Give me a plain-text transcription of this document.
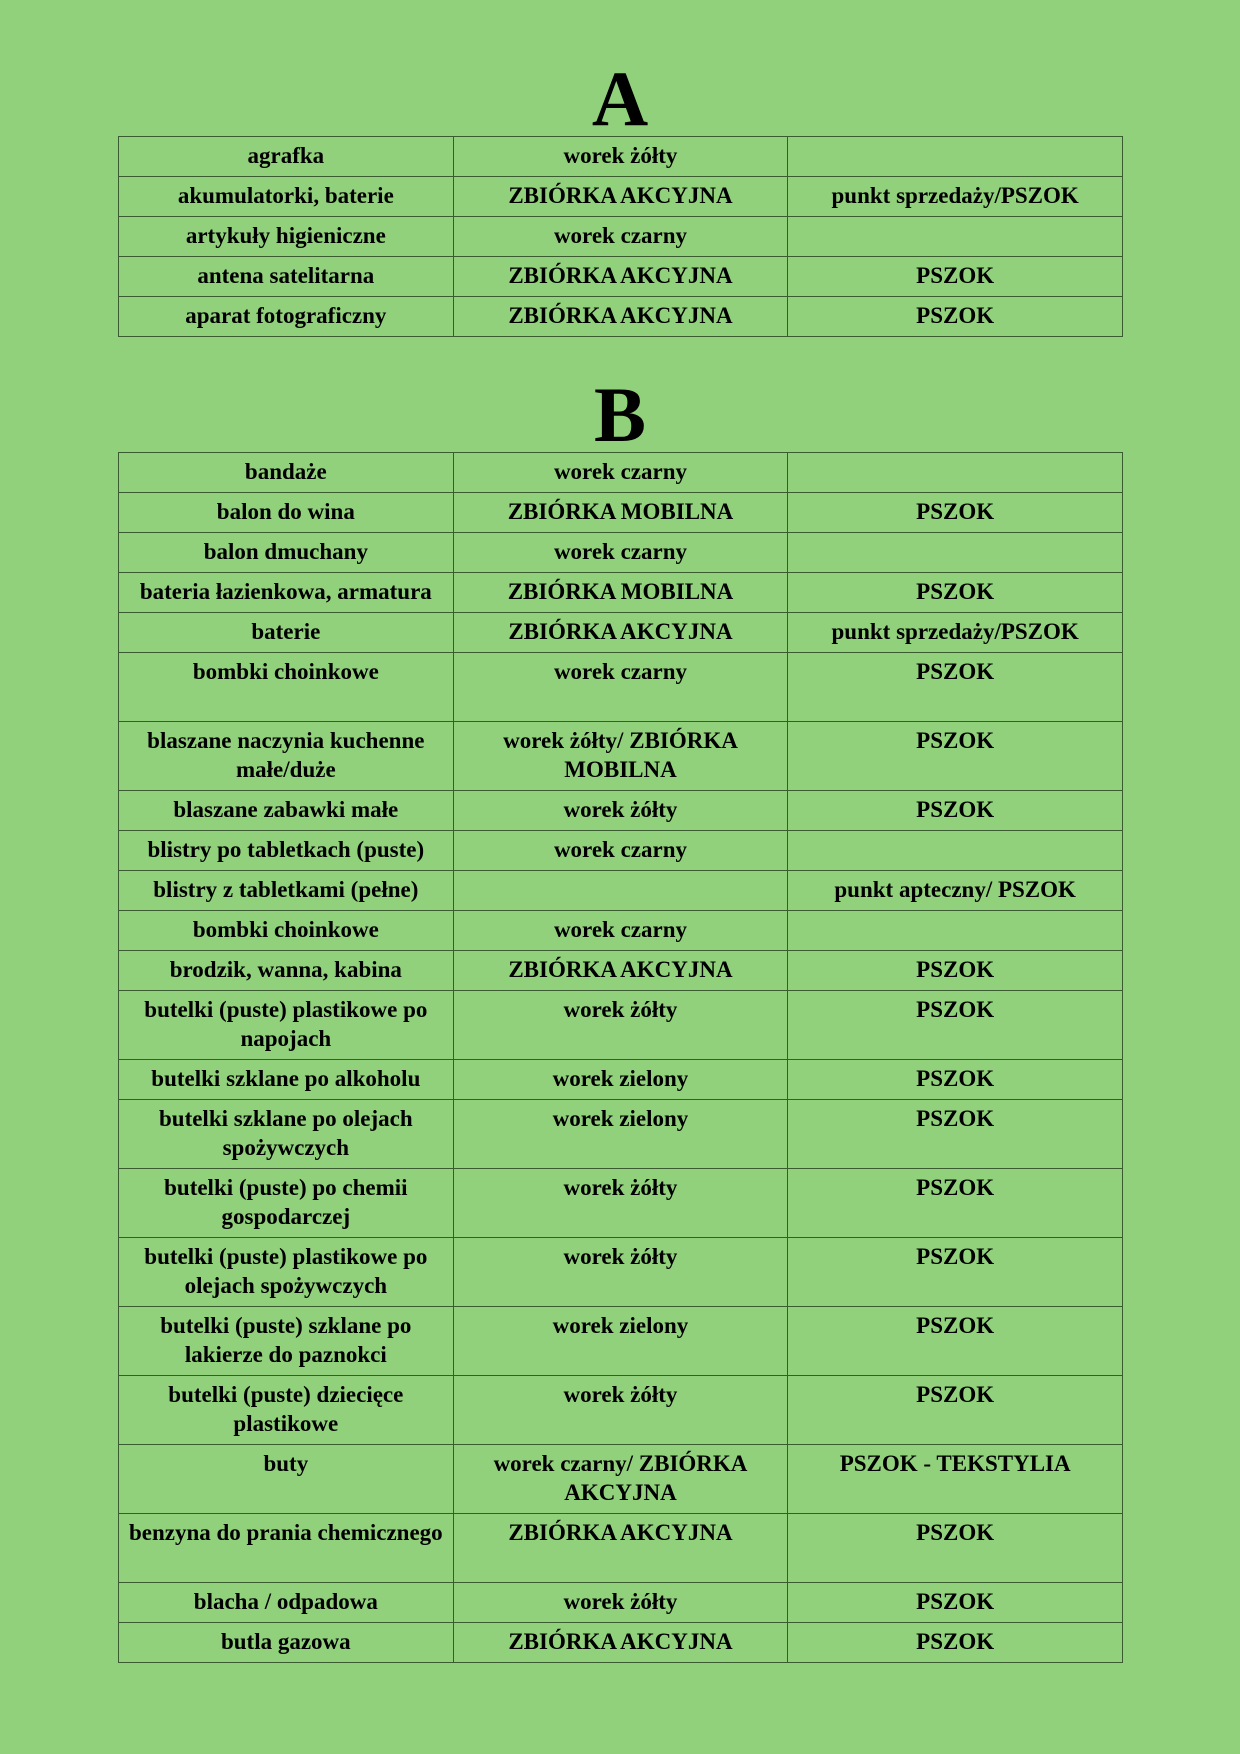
A
agrafka	worek żółty	
akumulatorki, baterie	ZBIÓRKA AKCYJNA	punkt sprzedaży/PSZOK
artykuły higieniczne	worek czarny	
antena satelitarna	ZBIÓRKA AKCYJNA	PSZOK
aparat fotograficzny	ZBIÓRKA AKCYJNA	PSZOK
B
bandaże	worek czarny	
balon do wina	ZBIÓRKA MOBILNA	PSZOK
balon dmuchany	worek czarny	
bateria łazienkowa, armatura	ZBIÓRKA MOBILNA	PSZOK
baterie	ZBIÓRKA AKCYJNA	punkt sprzedaży/PSZOK
bombki choinkowe	worek czarny	PSZOK
blaszane naczynia kuchenne małe/duże	worek żółty/ ZBIÓRKA MOBILNA	PSZOK
blaszane zabawki małe	worek żółty	PSZOK
blistry po tabletkach (puste)	worek czarny	
blistry z tabletkami (pełne)		punkt apteczny/ PSZOK
bombki choinkowe	worek czarny	
brodzik, wanna, kabina	ZBIÓRKA AKCYJNA	PSZOK
butelki (puste) plastikowe po napojach	worek żółty	PSZOK
butelki szklane po alkoholu	worek zielony	PSZOK
butelki szklane po olejach spożywczych	worek zielony	PSZOK
butelki (puste) po chemii gospodarczej	worek żółty	PSZOK
butelki (puste) plastikowe po olejach spożywczych	worek żółty	PSZOK
butelki (puste) szklane po lakierze do paznokci	worek zielony	PSZOK
butelki (puste) dziecięce plastikowe	worek żółty	PSZOK
buty	worek czarny/ ZBIÓRKA AKCYJNA	PSZOK - TEKSTYLIA
benzyna do prania chemicznego	ZBIÓRKA AKCYJNA	PSZOK
blacha / odpadowa	worek żółty	PSZOK
butla gazowa	ZBIÓRKA AKCYJNA	PSZOK
